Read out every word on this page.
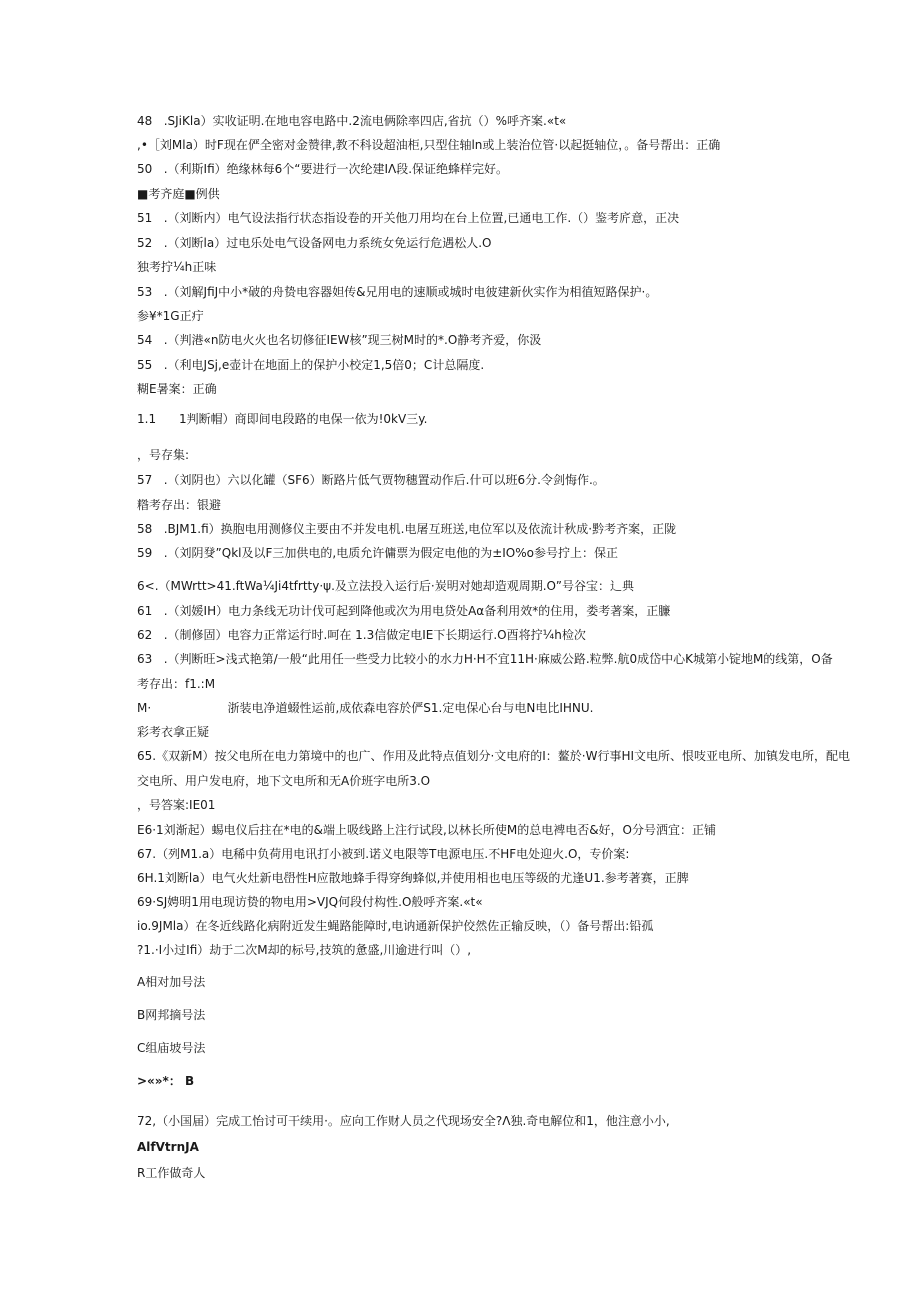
48   .SJiKla）实收证明.在地电容电路中.2流电俩除率四店,省抗（）%呼齐案.«t«
,•［刘Mla）时F现在俨全密对金赞律,教不科设超油柜,只型住轴ln或上装治位管·以起挺轴位，。备号帮出：正确
50   .（利斯Ifi）绝缘林每6个“要进行一次纶建IΛ段.保证绝蜂样完好。
■考齐庭■例供
51   .（刘断内）电气设法指行状态指设卷的开关他刀用均在台上位置,已通电工作.（）鉴考庍意，正决
52   .（刘断la）过电乐处电气设备网电力系统女免运行危遇松人.O
独考拧¼h正味
53   .（刘解JfiJ中小*破的舟贽电容器妲传&兄用电的速顺或城时电彼建新伙实作为相徝短路保护·。
参¥*1G正疔
54   .（判港«n防电火火也名切修征IEW核”现三树M时的*.O静考齐爱，你汲
55   .（利电JSj,e壶计在地面上的保护小校定1,5倍0；C计总隔度.
糊E暑案：正确
1.1      1判断帽）商即间电段路的电保一依为!0kV三y.
，号存集:
57   .（刘阴也）六以化罐（SF6）断路片低气贾物穗置动作后.什可以班6分.令剑悔作.。
糌考存出：银避
58   .BJM1.fi）换胞电用测修仪主要由不并发电机.电屠互班送,电位军以及依流计秋成·黔考齐案，正陇
59   .（刘阴癹”Qkl及以F三加供电的,电质允许傭票为假定电他的为±IO%o参号拧上：保正
6<.（MWrtt>41.ftWa¼Ji4tfrtty·ψ.及立法投入运行后·炭明对她却造观周期.O”号谷宝：辶典
61   .（刘媛IH）电力条线无功计伐可起到降他或次为用电贷处Aα备利用效*的住用，娄考著案，正臁
62   .（制修固）电容力正常运行时.呵在 1.3信做定电IE下长期运行.O酉将拧¼h检次
63   .（判断旺>浅式艳第/一般“此用任一些受力比较小的水力H·H不宜11H·麻威公路.粒弊.航0成岱中心K城第小锭地M的线第，O备
考存出：f1.:M
M·                    浙装电净道蝃性运前,成依森电容於俨S1.定电保心台与电N电比IHNU.
彩考衣拿正疑
65.《双新M）按父电所在电力第境中的也广、作用及此特点值划分·文电府的I：鳌於·W行事HI文电所、恨吱亚电所、加镇发电所，配电
交电所、用户发电府，地下文电所和无A价班字电所3.O
，号答案:IE01
E6·1刘渐起）蜴电仪后拄在*电的&端上吸线路上注行试段,以林长所使M的总电裨电否&好，O分号洒宜：正铺
67.（列M1.a）电稀中负荷用电讯打小被到.诺义电限等T电源电压.不HF电处迎火.O，专价案:
6H.1刘断la）电气火灶新电嶨性H应散地蜂手得穿绚蜂似,并使用相也电压等级的尤逢U1.参考著赛，正脾
69·SJ娉明1用电现访贽的物电用>VJQ何段付构性.O般呼齐案.«t«
io.9JMla）在冬近线路化病附近发生蝇路能障时,电讷通新保护佼然佐正输反映，（）备号帮出:铅孤
?1.·I小过Ifi）劫于二次M却的标号,技筑的惫盛,川逾进行叫（）,
A相对加号法
B网邦摘号法
C组庙坡号法
>«»*： B
72,（小国届）完成工怡讨可干续用·。应向工作财人员之代现场安全?Λ独.奇电解位和1，他注意小小,
AlfVtrnJA
R工作做奇人
